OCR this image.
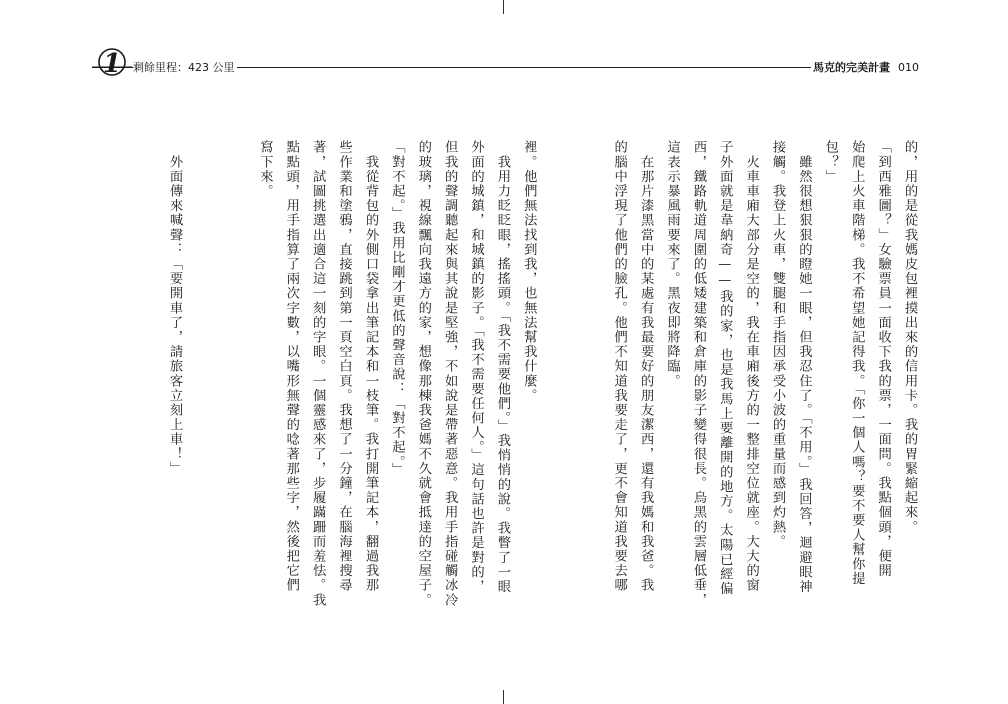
1 剩餘里程：423 公里	馬克的完美計畫 010
的，用的是從我媽皮包裡摸出來的信用卡。我的胃緊縮起來。
「到西雅圖？」女驗票員一面收下我的票，一面問。我點個頭，便開
始爬上火車階梯。我不希望她記得我。「你一個人嗎？要不要人幫你提
包？」
　雖然很想狠狠的瞪她一眼，但我忍住了。「不用。」我回答，迴避眼神
接觸。我登上火車，雙腿和手指因承受小波的重量而感到灼熱。
　火車車廂大部分是空的，我在車廂後方的一整排空位就座。大大的窗
子外面就是韋納奇——我的家，也是我馬上要離開的地方。太陽已經偏
西，鐵路軌道周圍的低矮建築和倉庫的影子變得很長。烏黑的雲層低垂，
這表示暴風雨要來了。黑夜即將降臨。
　在那片漆黑當中的某處有我最要好的朋友潔西，還有我媽和我爸。我
的腦中浮現了他們的臉孔。他們不知道我要走了，更不會知道我要去哪
裡。他們無法找到我，也無法幫我什麼。
　我用力眨眨眼，搖搖頭。「我不需要他們。」我悄悄的說。我瞥了一眼
外面的城鎮，和城鎮的影子。「我不需要任何人。」這句話也許是對的，
但我的聲調聽起來與其說是堅強，不如說是帶著惡意。我用手指碰觸冰冷
的玻璃，視線飄向我遠方的家，想像那棟我爸媽不久就會抵達的空屋子。
「對不起。」我用比剛才更低的聲音說：「對不起。」
　我從背包的外側口袋拿出筆記本和一枝筆。我打開筆記本，翻過我那
些作業和塗鴉，直接跳到第一頁空白頁。我想了一分鐘，在腦海裡搜尋
著，試圖挑選出適合這一刻的字眼。一個靈感來了，步履蹣跚而羞怯。我
點點頭，用手指算了兩次字數，以嘴形無聲的唸著那些字，然後把它們
寫下來。
　外面傳來喊聲：「要開車了，請旅客立刻上車！」
